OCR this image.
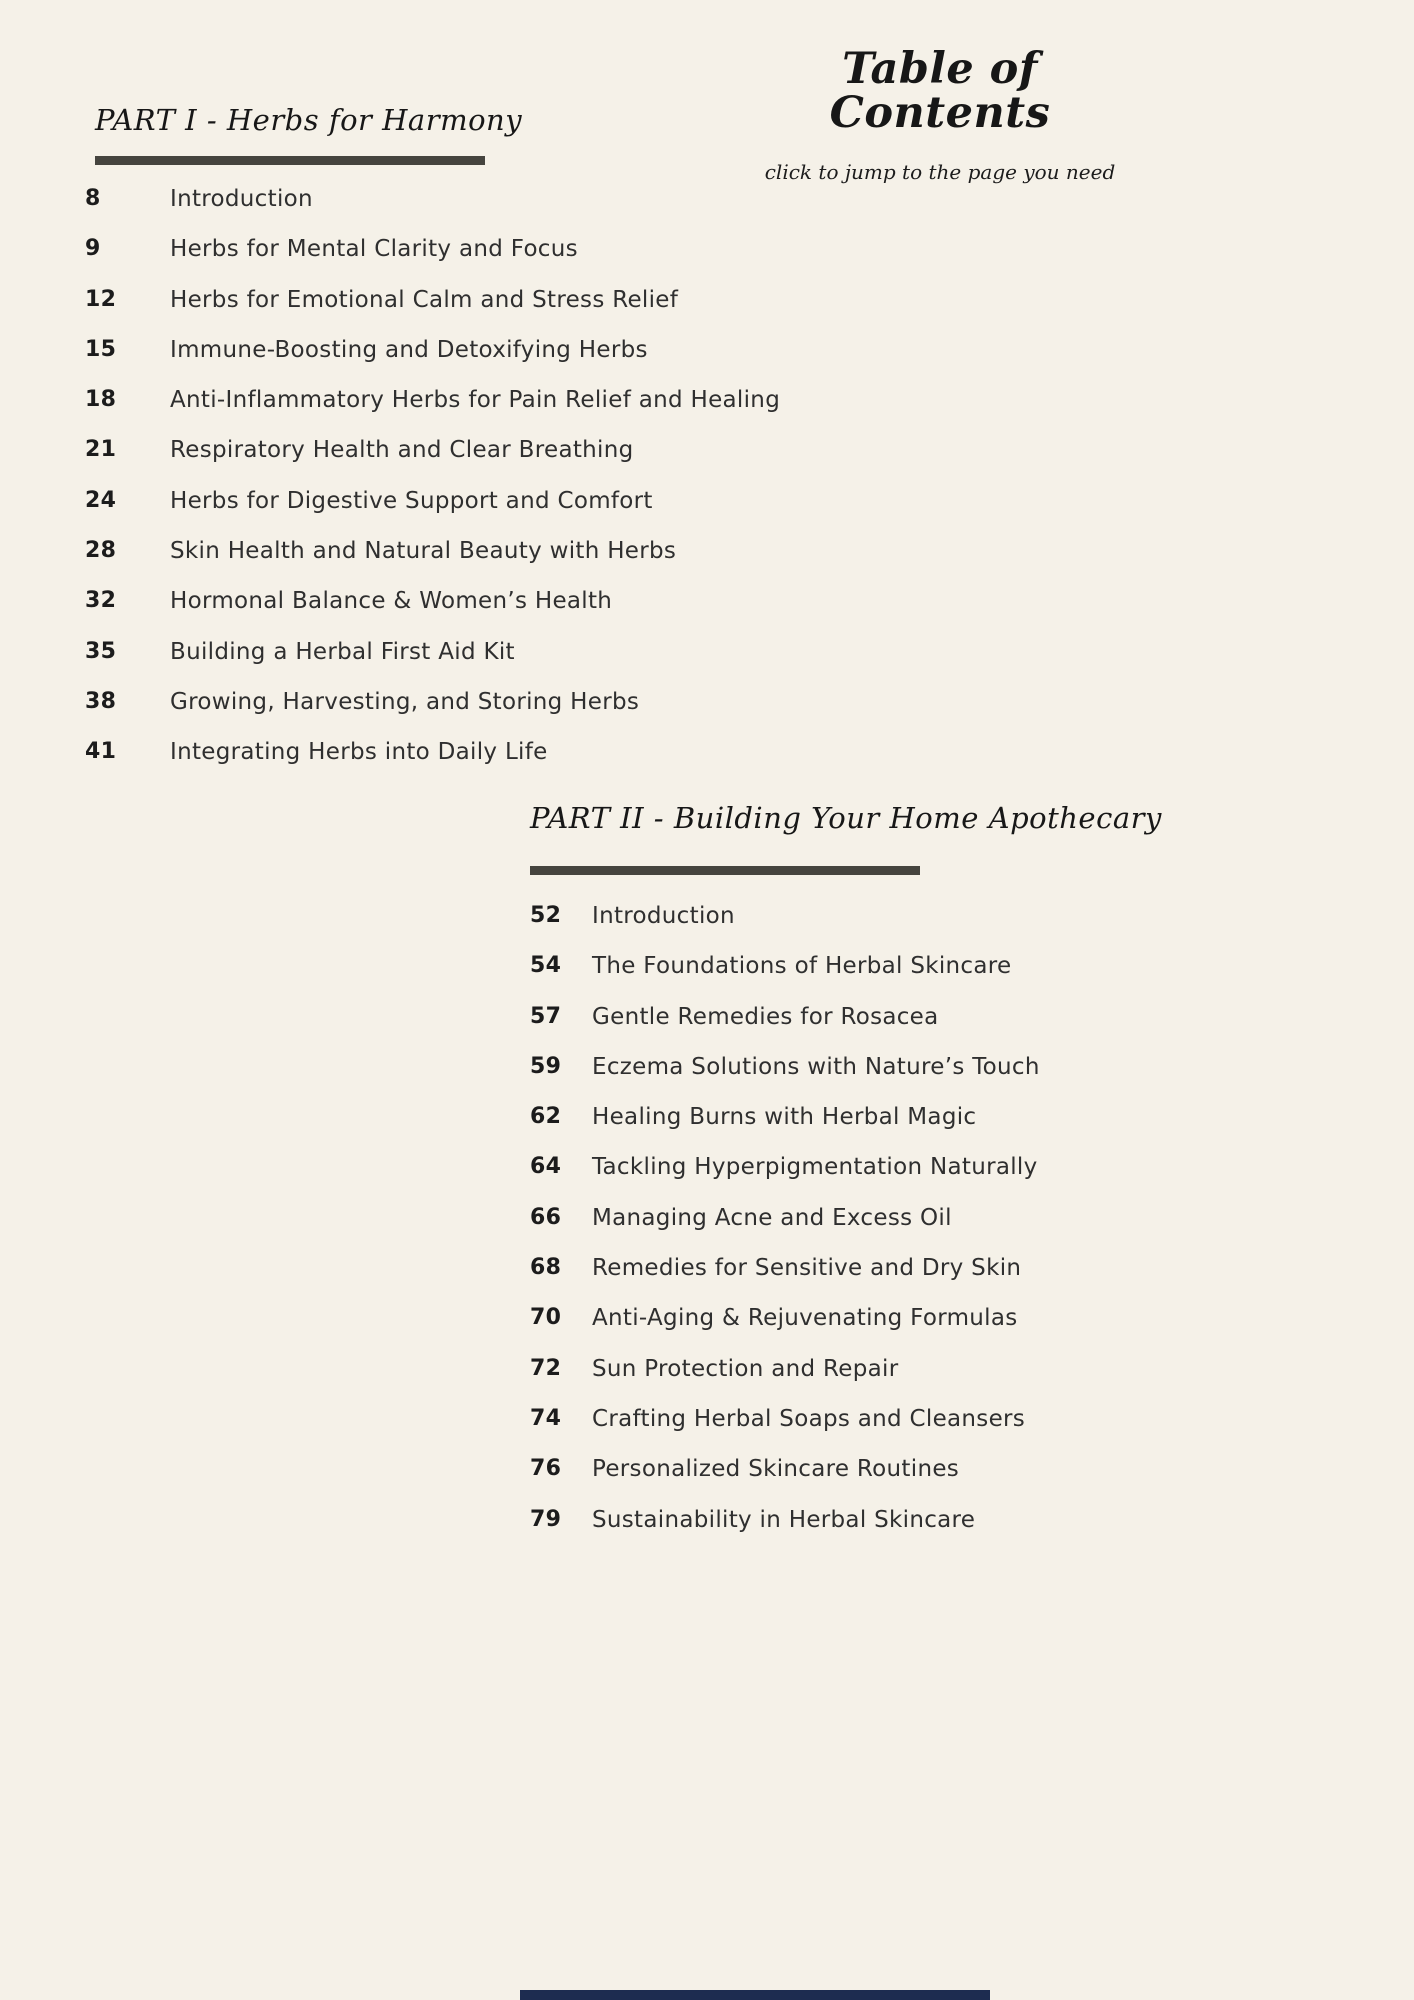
Table of
Contents
click to jump to the page you need
PART I - Herbs for Harmony
8	Introduction
9	Herbs for Mental Clarity and Focus
12	Herbs for Emotional Calm and Stress Relief
15	Immune-Boosting and Detoxifying Herbs
18	Anti-Inflammatory Herbs for Pain Relief and Healing
21	Respiratory Health and Clear Breathing
24	Herbs for Digestive Support and Comfort
28	Skin Health and Natural Beauty with Herbs
32	Hormonal Balance & Women’s Health
35	Building a Herbal First Aid Kit
38	Growing, Harvesting, and Storing Herbs
41	Integrating Herbs into Daily Life
PART II - Building Your Home Apothecary
52	Introduction
54	The Foundations of Herbal Skincare
57	Gentle Remedies for Rosacea
59	Eczema Solutions with Nature’s Touch
62	Healing Burns with Herbal Magic
64	Tackling Hyperpigmentation Naturally
66	Managing Acne and Excess Oil
68	Remedies for Sensitive and Dry Skin
70	Anti-Aging & Rejuvenating Formulas
72	Sun Protection and Repair
74	Crafting Herbal Soaps and Cleansers
76	Personalized Skincare Routines
79	Sustainability in Herbal Skincare
